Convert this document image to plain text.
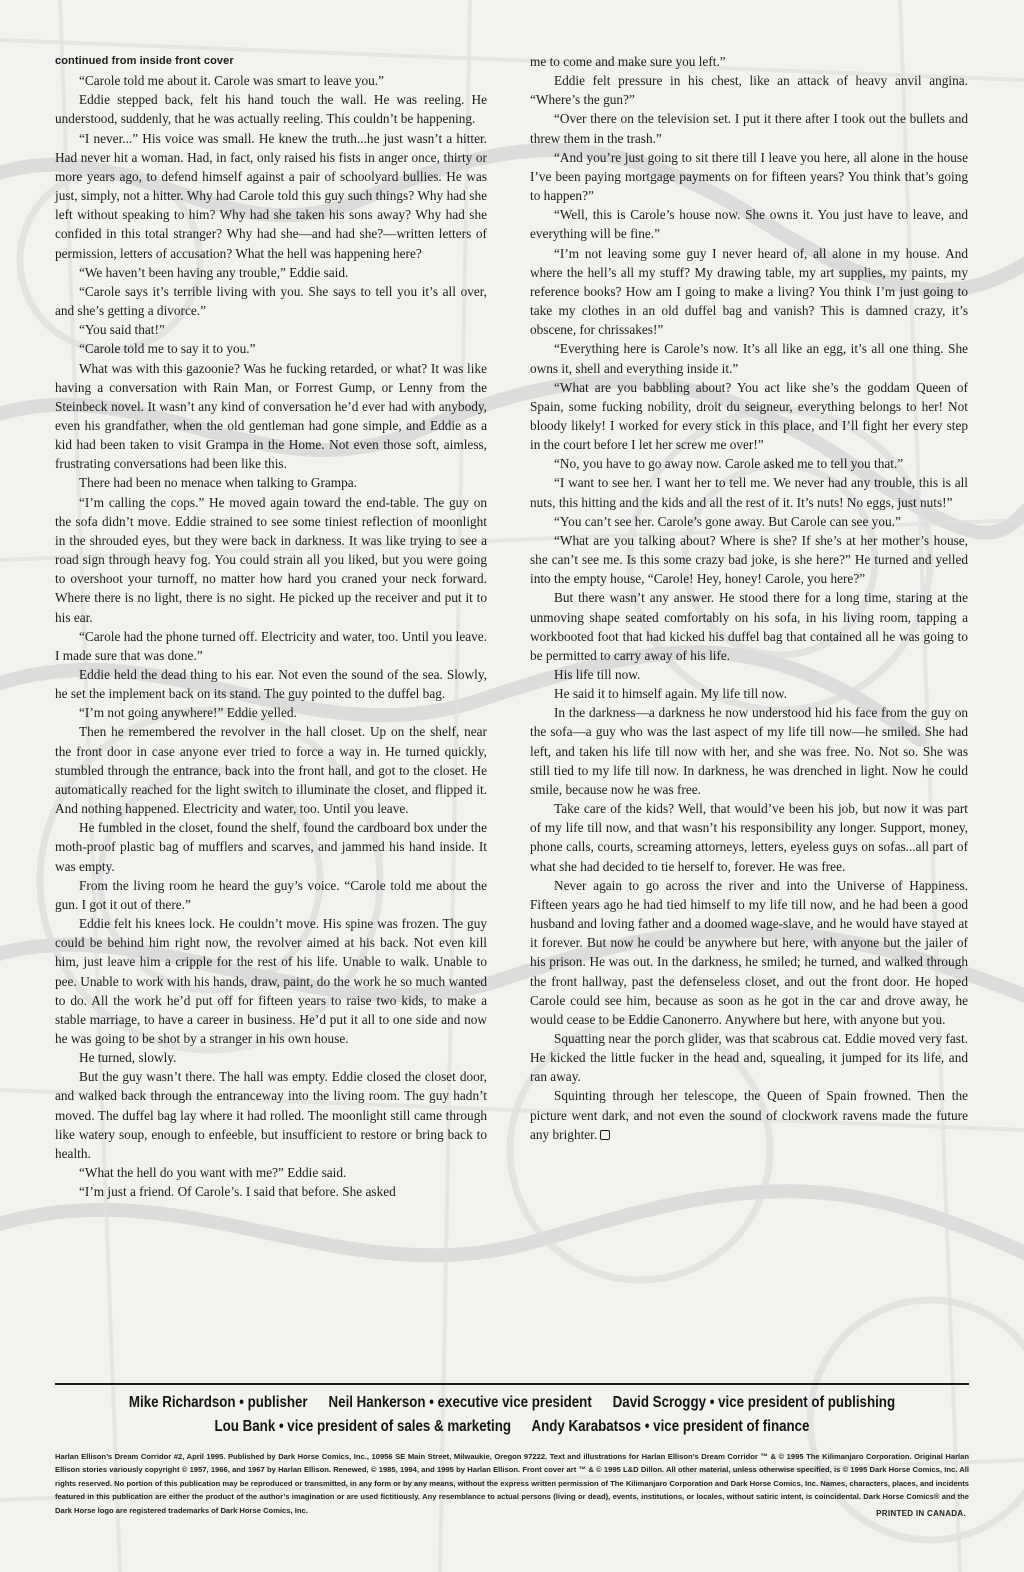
continued from inside front cover

“Carole told me about it. Carole was smart to leave you.”

Eddie stepped back, felt his hand touch the wall. He was reeling. He understood, suddenly, that he was actually reeling. This couldn’t be happening.

“I never...” His voice was small. He knew the truth...he just wasn’t a hitter. Had never hit a woman. Had, in fact, only raised his fists in anger once, thirty or more years ago, to defend himself against a pair of schoolyard bullies. He was just, simply, not a hitter. Why had Carole told this guy such things? Why had she left without speaking to him? Why had she taken his sons away? Why had she confided in this total stranger? Why had she—and had she?—written letters of permission, letters of accusation? What the hell was happening here?

“We haven’t been having any trouble,” Eddie said.

“Carole says it’s terrible living with you. She says to tell you it’s all over, and she’s getting a divorce.”

“You said that!”

“Carole told me to say it to you.”

What was with this gazoonie? Was he fucking retarded, or what? It was like having a conversation with Rain Man, or Forrest Gump, or Lenny from the Steinbeck novel. It wasn’t any kind of conversation he’d ever had with anybody, even his grandfather, when the old gentleman had gone simple, and Eddie as a kid had been taken to visit Grampa in the Home. Not even those soft, aimless, frustrating conversations had been like this.

There had been no menace when talking to Grampa.

“I’m calling the cops.” He moved again toward the end-table. The guy on the sofa didn’t move. Eddie strained to see some tiniest reflection of moonlight in the shrouded eyes, but they were back in darkness. It was like trying to see a road sign through heavy fog. You could strain all you liked, but you were going to overshoot your turnoff, no matter how hard you craned your neck forward. Where there is no light, there is no sight. He picked up the receiver and put it to his ear.

“Carole had the phone turned off. Electricity and water, too. Until you leave. I made sure that was done.”

Eddie held the dead thing to his ear. Not even the sound of the sea. Slowly, he set the implement back on its stand. The guy pointed to the duffel bag.

“I’m not going anywhere!” Eddie yelled.

Then he remembered the revolver in the hall closet. Up on the shelf, near the front door in case anyone ever tried to force a way in. He turned quickly, stumbled through the entrance, back into the front hall, and got to the closet. He automatically reached for the light switch to illuminate the closet, and flipped it. And nothing happened. Electricity and water, too. Until you leave.

He fumbled in the closet, found the shelf, found the cardboard box under the moth-proof plastic bag of mufflers and scarves, and jammed his hand inside. It was empty.

From the living room he heard the guy’s voice. “Carole told me about the gun. I got it out of there.”

Eddie felt his knees lock. He couldn’t move. His spine was frozen. The guy could be behind him right now, the revolver aimed at his back. Not even kill him, just leave him a cripple for the rest of his life. Unable to walk. Unable to pee. Unable to work with his hands, draw, paint, do the work he so much wanted to do. All the work he’d put off for fifteen years to raise two kids, to make a stable marriage, to have a career in business. He’d put it all to one side and now he was going to be shot by a stranger in his own house.

He turned, slowly.

But the guy wasn’t there. The hall was empty. Eddie closed the closet door, and walked back through the entranceway into the living room. The guy hadn’t moved. The duffel bag lay where it had rolled. The moonlight still came through like watery soup, enough to enfeeble, but insufficient to restore or bring back to health.

“What the hell do you want with me?” Eddie said.

“I’m just a friend. Of Carole’s. I said that before. She asked

me to come and make sure you left.”

Eddie felt pressure in his chest, like an attack of heavy anvil angina. “Where’s the gun?”

“Over there on the television set. I put it there after I took out the bullets and threw them in the trash.”

“And you’re just going to sit there till I leave you here, all alone in the house I’ve been paying mortgage payments on for fifteen years? You think that’s going to happen?”

“Well, this is Carole’s house now. She owns it. You just have to leave, and everything will be fine.”

“I’m not leaving some guy I never heard of, all alone in my house. And where the hell’s all my stuff? My drawing table, my art supplies, my paints, my reference books? How am I going to make a living? You think I’m just going to take my clothes in an old duffel bag and vanish? This is damned crazy, it’s obscene, for chrissakes!”

“Everything here is Carole’s now. It’s all like an egg, it’s all one thing. She owns it, shell and everything inside it.”

“What are you babbling about? You act like she’s the goddam Queen of Spain, some fucking nobility, droit du seigneur, everything belongs to her! Not bloody likely! I worked for every stick in this place, and I’ll fight her every step in the court before I let her screw me over!”

“No, you have to go away now. Carole asked me to tell you that.”

“I want to see her. I want her to tell me. We never had any trouble, this is all nuts, this hitting and the kids and all the rest of it. It’s nuts! No eggs, just nuts!”

“You can’t see her. Carole’s gone away. But Carole can see you.”

“What are you talking about? Where is she? If she’s at her mother’s house, she can’t see me. Is this some crazy bad joke, is she here?” He turned and yelled into the empty house, “Carole! Hey, honey! Carole, you here?”

But there wasn’t any answer. He stood there for a long time, staring at the unmoving shape seated comfortably on his sofa, in his living room, tapping a workbooted foot that had kicked his duffel bag that contained all he was going to be permitted to carry away of his life.

His life till now.

He said it to himself again. My life till now.

In the darkness—a darkness he now understood hid his face from the guy on the sofa—a guy who was the last aspect of my life till now—he smiled. She had left, and taken his life till now with her, and she was free. No. Not so. She was still tied to my life till now. In darkness, he was drenched in light. Now he could smile, because now he was free.

Take care of the kids? Well, that would’ve been his job, but now it was part of my life till now, and that wasn’t his responsibility any longer. Support, money, phone calls, courts, screaming attorneys, letters, eyeless guys on sofas...all part of what she had decided to tie herself to, forever. He was free.

Never again to go across the river and into the Universe of Happiness. Fifteen years ago he had tied himself to my life till now, and he had been a good husband and loving father and a doomed wage-slave, and he would have stayed at it forever. But now he could be anywhere but here, with anyone but the jailer of his prison. He was out. In the darkness, he smiled; he turned, and walked through the front hallway, past the defenseless closet, and out the front door. He hoped Carole could see him, because as soon as he got in the car and drove away, he would cease to be Eddie Canonerro. Anywhere but here, with anyone but you.

Squatting near the porch glider, was that scabrous cat. Eddie moved very fast. He kicked the little fucker in the head and, squealing, it jumped for its life, and ran away.

Squinting through her telescope, the Queen of Spain frowned. Then the picture went dark, and not even the sound of clockwork ravens made the future any brighter.

Mike Richardson • publisher Neil Hankerson • executive vice president David Scroggy • vice president of publishing
Lou Bank • vice president of sales & marketing Andy Karabatsos • vice president of finance
Harlan Ellison’s Dream Corridor #2, April 1995. Published by Dark Horse Comics, Inc., 10956 SE Main Street, Milwaukie, Oregon 97222. Text and illustrations for Harlan Ellison’s Dream Corridor ™ & © 1995 The Kilimanjaro Corporation. Original Harlan Ellison stories variously copyright © 1957, 1966, and 1967 by Harlan Ellison. Renewed, © 1985, 1994, and 1995 by Harlan Ellison. Front cover art ™ & © 1995 L&D Dillon. All other material, unless otherwise specified, is © 1995 Dark Horse Comics, Inc. All rights reserved. No portion of this publication may be reproduced or transmitted, in any form or by any means, without the express written permission of The Kilimanjaro Corporation and Dark Horse Comics, Inc. Names, characters, places, and incidents featured in this publication are either the product of the author’s imagination or are used fictitiously. Any resemblance to actual persons (living or dead), events, institutions, or locales, without satiric intent, is coincidental. Dark Horse Comics® and the Dark Horse logo are registered trademarks of Dark Horse Comics, Inc.	PRINTED IN CANADA.
